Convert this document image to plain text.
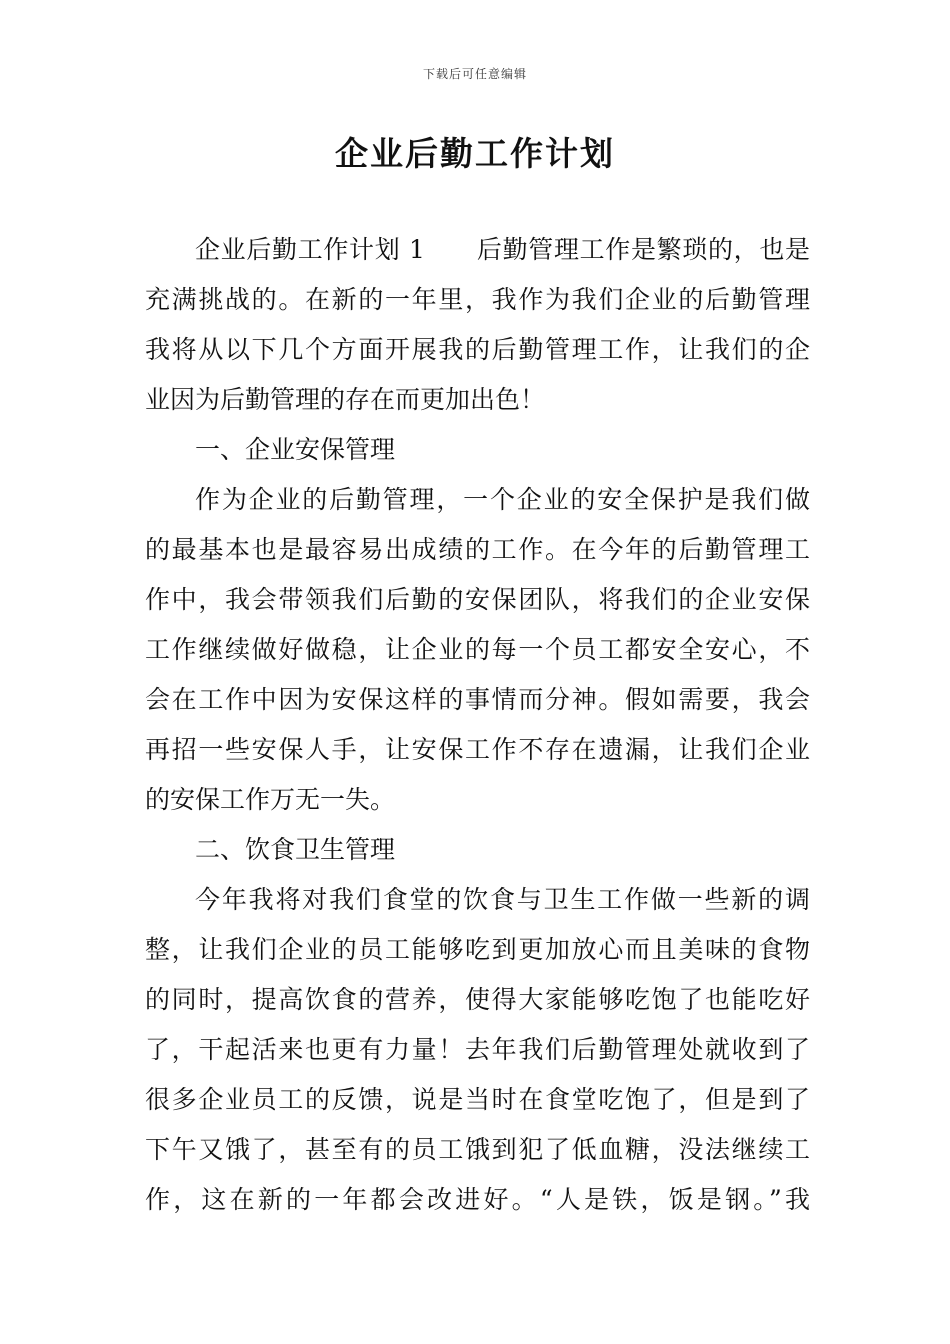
下载后可任意编辑
企业后勤工作计划
企业后勤工作计划 1　　后勤管理工作是繁琐的，也是
充满挑战的。在新的一年里，我作为我们企业的后勤管理
我将从以下几个方面开展我的后勤管理工作，让我们的企
业因为后勤管理的存在而更加出色！
一、企业安保管理
作为企业的后勤管理，一个企业的安全保护是我们做
的最基本也是最容易出成绩的工作。在今年的后勤管理工
作中，我会带领我们后勤的安保团队，将我们的企业安保
工作继续做好做稳，让企业的每一个员工都安全安心，不
会在工作中因为安保这样的事情而分神。假如需要，我会
再招一些安保人手，让安保工作不存在遗漏，让我们企业
的安保工作万无一失。
二、饮食卫生管理
今年我将对我们食堂的饮食与卫生工作做一些新的调
整，让我们企业的员工能够吃到更加放心而且美味的食物
的同时，提高饮食的营养，使得大家能够吃饱了也能吃好
了，干起活来也更有力量！去年我们后勤管理处就收到了
很多企业员工的反馈，说是当时在食堂吃饱了，但是到了
下午又饿了，甚至有的员工饿到犯了低血糖，没法继续工
作，这在新的一年都会改进好。“人是铁，饭是钢。”我
